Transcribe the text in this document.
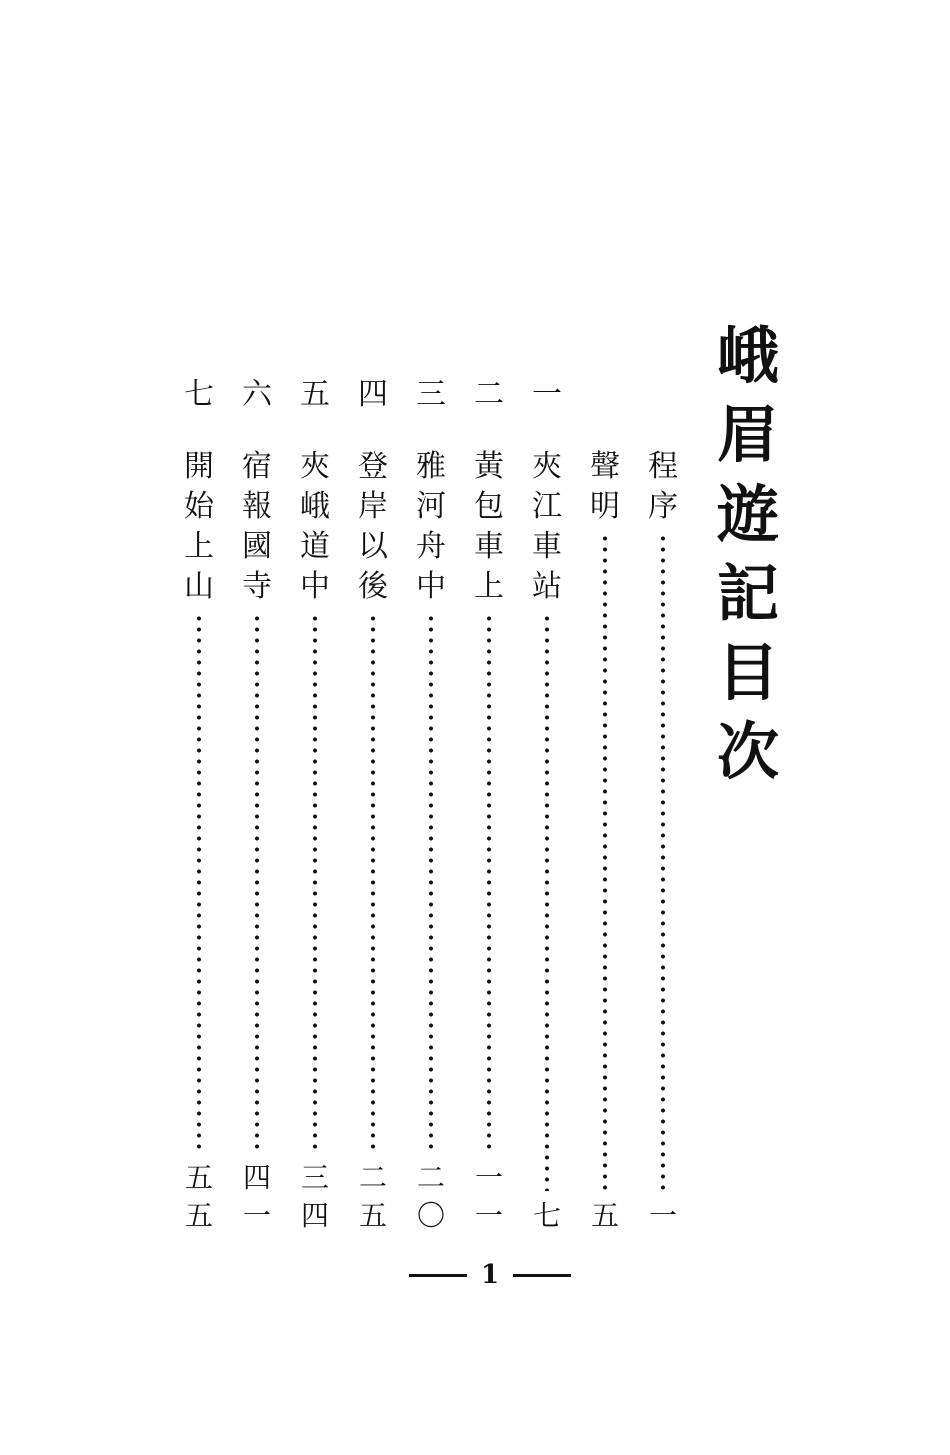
峨
眉
遊
記
目
次
程
序
一
聲
明
五
一
夾
江
車
站
七
二
黃
包
車
上
一
一
三
雅
河
舟
中
二
〇
四
登
岸
以
後
二
五
五
夾
峨
道
中
三
四
六
宿
報
國
寺
四
一
七
開
始
上
山
五
五
1
